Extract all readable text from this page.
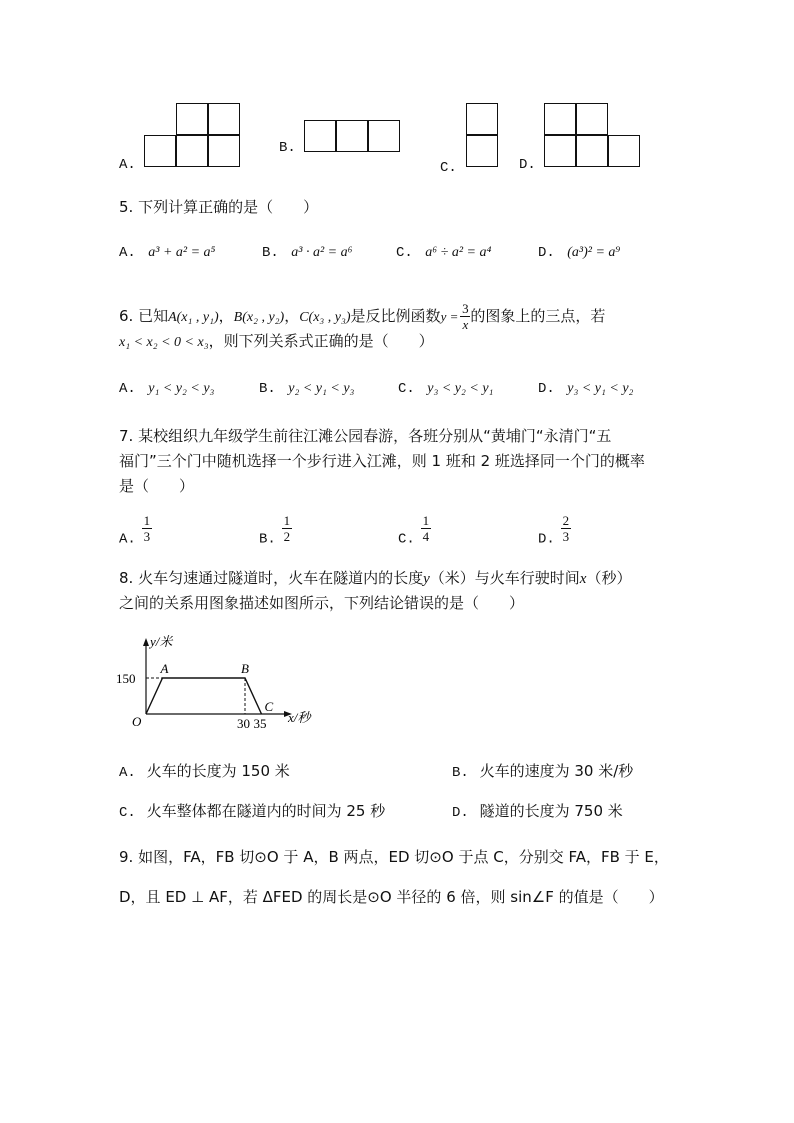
A.
B.
C.	D.
5. 下列计算正确的是（　　）
A. a³ + a² = a⁵	B. a³ · a² = a⁶	C. a⁶ ÷ a² = a⁴	D. (a³)² = a⁹
6. 已知A(x₁ , y₁)，B(x₂ , y₂)，C(x₃ , y₃)是反比例函数$y = \frac{3}{x}$ 的图象上的三点，若
x₁ < x₂ < 0 < x₃，则下列关系式正确的是（　　）
A. y₁ < y₂ < y₃	B. y₂ < y₁ < y₃	C. y₃ < y₂ < y₁	D. y₃ < y₁ < y₂
7. 某校组织九年级学生前往江滩公园春游，各班分别从“黄埔门“永清门“五
福门”三个门中随机选择一个步行进入江滩，则 1 班和 2 班选择同一个门的概率
是（　　）
A. $\frac{1}{3}$	B. $\frac{1}{2}$	C. $\frac{1}{4}$	D. $\frac{2}{3}$
8. 火车匀速通过隧道时，火车在隧道内的长度y（米）与火车行驶时间x（秒）
之间的关系用图象描述如图所示，下列结论错误的是（　　）
O
A	B
C
150
30 35
y/米
x/秒
A. 火车的长度为 150 米	B. 火车的速度为 30 米/秒
C. 火车整体都在隧道内的时间为 25 秒	D. 隧道的长度为 750 米
9. 如图，FA，FB 切⊙O 于 A，B 两点，ED 切⊙O 于点 C，分别交 FA，FB 于 E，
D，且 ED ⊥ AF，若 ΔFED 的周长是⊙O 半径的 6 倍，则 sin∠F 的值是（　　）
